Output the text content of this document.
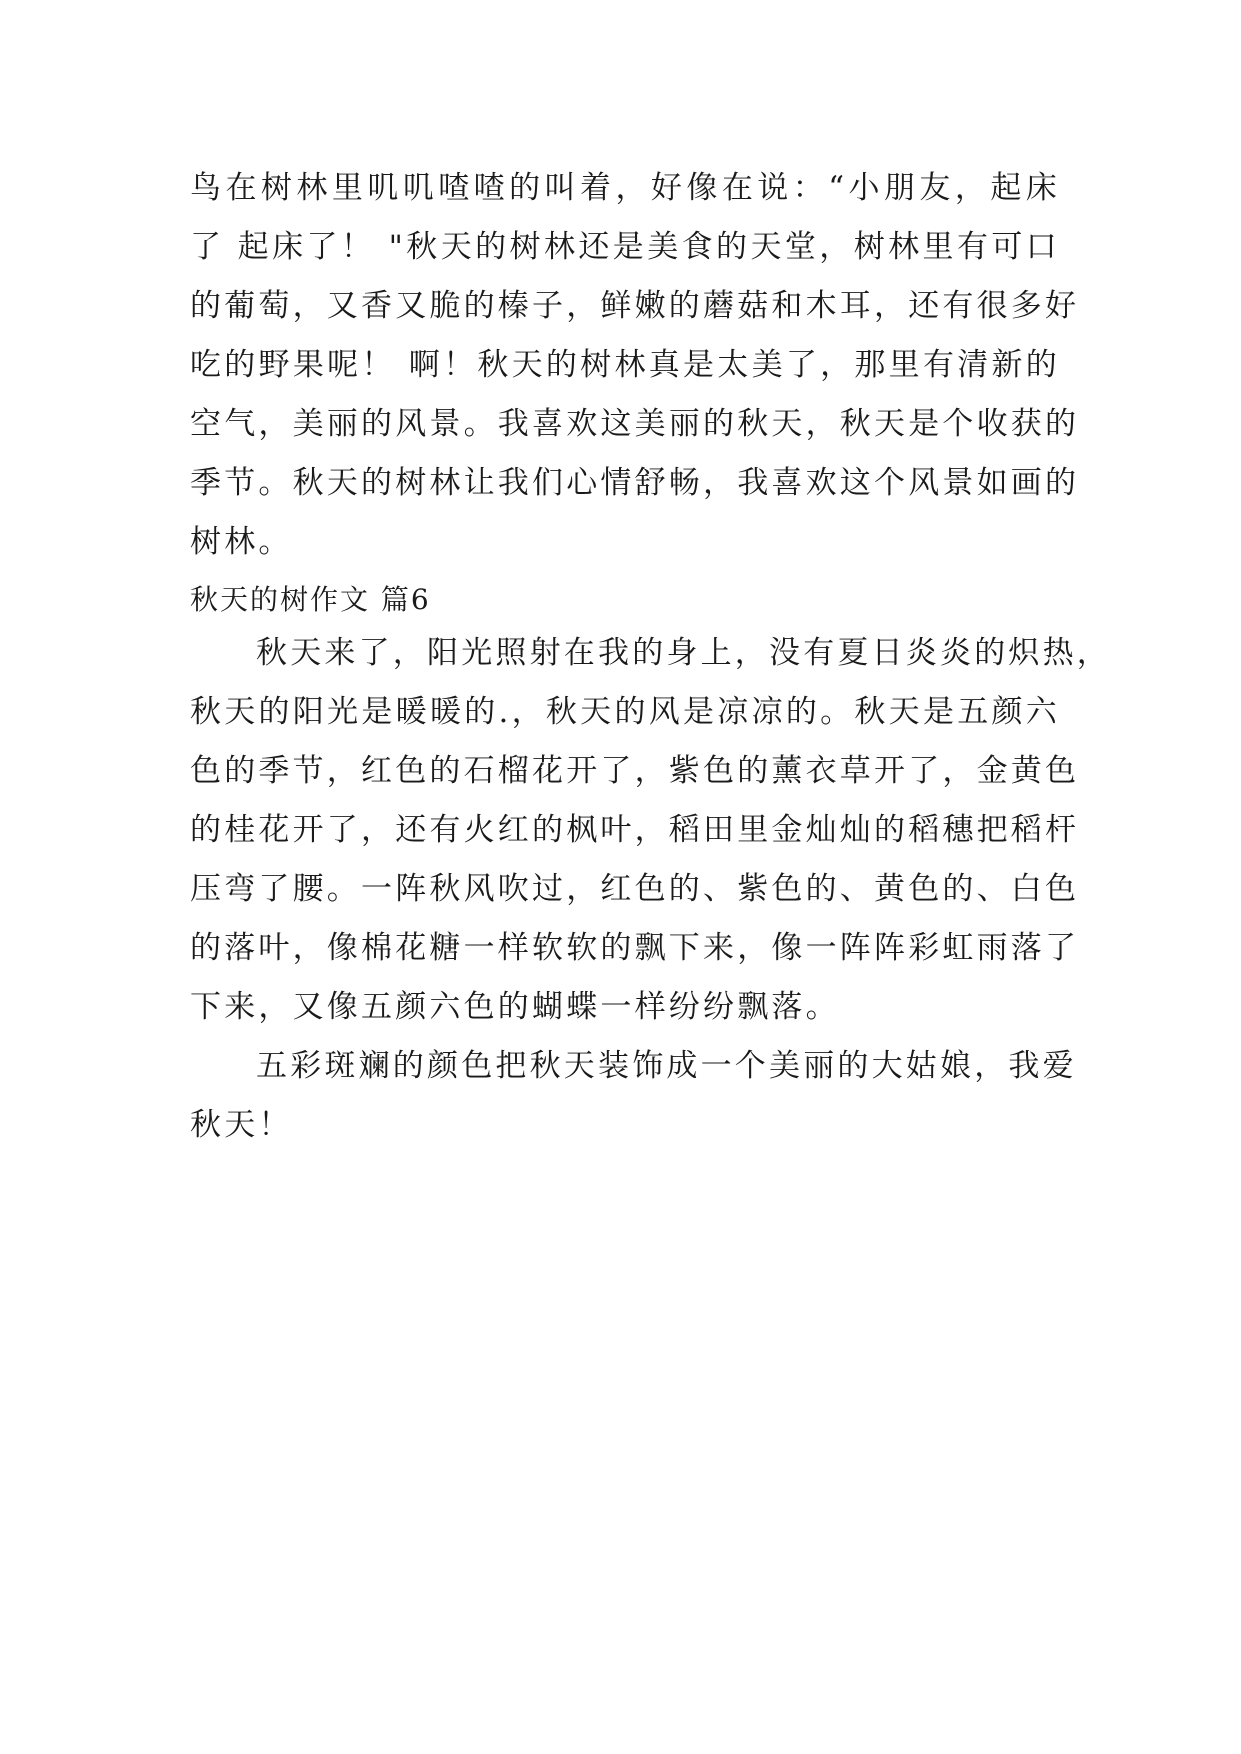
鸟在树林里叽叽喳喳的叫着，好像在说：“小朋友，起床
了 起床了！ "秋天的树林还是美食的天堂，树林里有可口
的葡萄，又香又脆的榛子，鲜嫩的蘑菇和木耳，还有很多好
吃的野果呢！ 啊！秋天的树林真是太美了，那里有清新的
空气，美丽的风景。我喜欢这美丽的秋天，秋天是个收获的
季节。秋天的树林让我们心情舒畅，我喜欢这个风景如画的
树林。
秋天的树作文 篇6
秋天来了，阳光照射在我的身上，没有夏日炎炎的炽热，
秋天的阳光是暖暖的.，秋天的风是凉凉的。秋天是五颜六
色的季节，红色的石榴花开了，紫色的薰衣草开了，金黄色
的桂花开了，还有火红的枫叶，稻田里金灿灿的稻穗把稻杆
压弯了腰。一阵秋风吹过，红色的、紫色的、黄色的、白色
的落叶，像棉花糖一样软软的飘下来，像一阵阵彩虹雨落了
下来，又像五颜六色的蝴蝶一样纷纷飘落。
五彩斑斓的颜色把秋天装饰成一个美丽的大姑娘，我爱
秋天！
